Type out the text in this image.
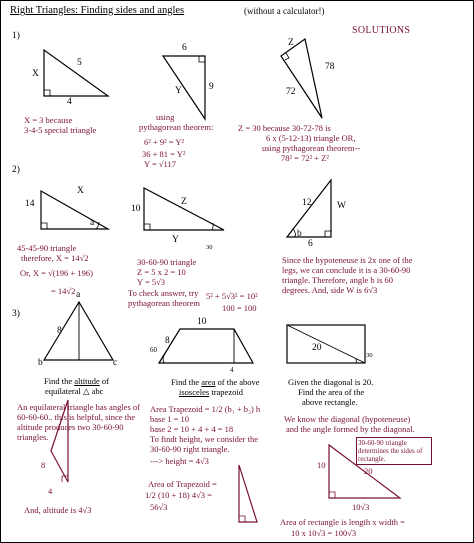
Right Triangles: Finding sides and angles	(without a calculator!)
SOLUTIONS
1)
X
5
4
X = 3 because
3-4-5 special triangle
6
9
Y
using
pythagorean theorem:
6² + 9² = Y²
36 + 81 = Y²
Y = √117
Z
78
72
Z = 30 because 30-72-78 is
6 x (5-12-13) triangle OR,
using pythagorean theorem--
78² = 72² + Z²
2)
X
14
a
45-45-90 triangle
therefore, X = 14√2
Or, X = √(196 + 196)
= 14√2
Z
10
Y
30
30-60-90 triangle
Z = 5 x 2 = 10
Y = 5√3
To check answer, try
pythagorean theorem
5² + 5√3² = 10²
100 = 100
12	W
b
6
Since the hypoteneuse is 2x one of the
legs, we can conclude it is a 30-60-90
triangle. Therefore, angle b is 60
degrees. And, side W is 6√3
3)
a
8
b	c
Find the altitude of
equilateral △ abc
An equilateral triangle has angles of
60-60-60.. this is helpful, since the
altitude produces two 30-60-90
triangles.
8
4
And, altitude is 4√3
10
60
8
4
Find the area of the above
isosceles trapezoid
Area Trapezoid = 1/2 (b₁ + b₂) h
base 1 = 10
base 2 = 10 + 4 + 4 = 18
To findt height, we consider the
30-60-90 right triangle.
---> height = 4√3
Area of Trapezoid =
1/2 (10 + 18) 4√3 =
56√3
20
30
Given the diagonal is 20.
Find the area of the
above rectangle.
We know the diagonal (hypoteneuse)
and the angle formed by the diagonal.
30-60-90 triangle determines the sides of rectangle.
10
20
10√3
Area of rectangle is length x width =
10 x 10√3 = 100√3
